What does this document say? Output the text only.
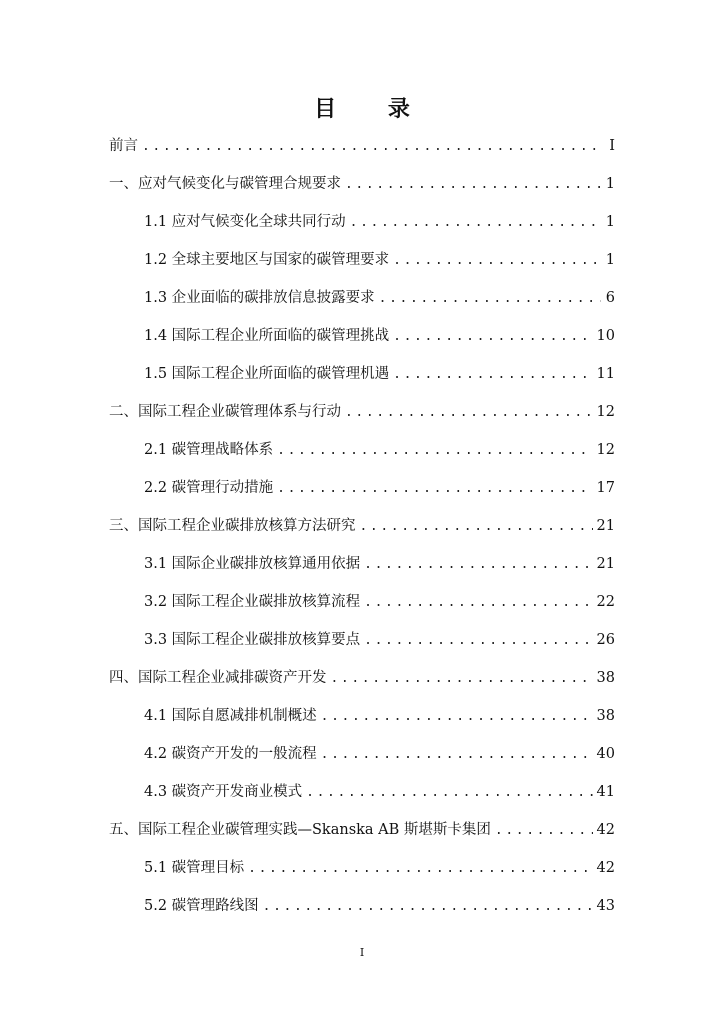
目 录
前言 .....	I
一、应对气候变化与碳管理合规要求 .....	1
1.1 应对气候变化全球共同行动 .....	1
1.2 全球主要地区与国家的碳管理要求 .....	1
1.3 企业面临的碳排放信息披露要求 .....	6
1.4 国际工程企业所面临的碳管理挑战 .....	10
1.5 国际工程企业所面临的碳管理机遇 .....	11
二、国际工程企业碳管理体系与行动 .....	12
2.1 碳管理战略体系 .....	12
2.2 碳管理行动措施 .....	17
三、国际工程企业碳排放核算方法研究 .....	21
3.1 国际企业碳排放核算通用依据 .....	21
3.2 国际工程企业碳排放核算流程 .....	22
3.3 国际工程企业碳排放核算要点 .....	26
四、国际工程企业减排碳资产开发 .....	38
4.1 国际自愿减排机制概述 .....	38
4.2 碳资产开发的一般流程 .....	40
4.3 碳资产开发商业模式 .....	41
五、国际工程企业碳管理实践—Skanska AB 斯堪斯卡集团 .....	42
5.1 碳管理目标 .....	42
5.2 碳管理路线图 .....	43
I
